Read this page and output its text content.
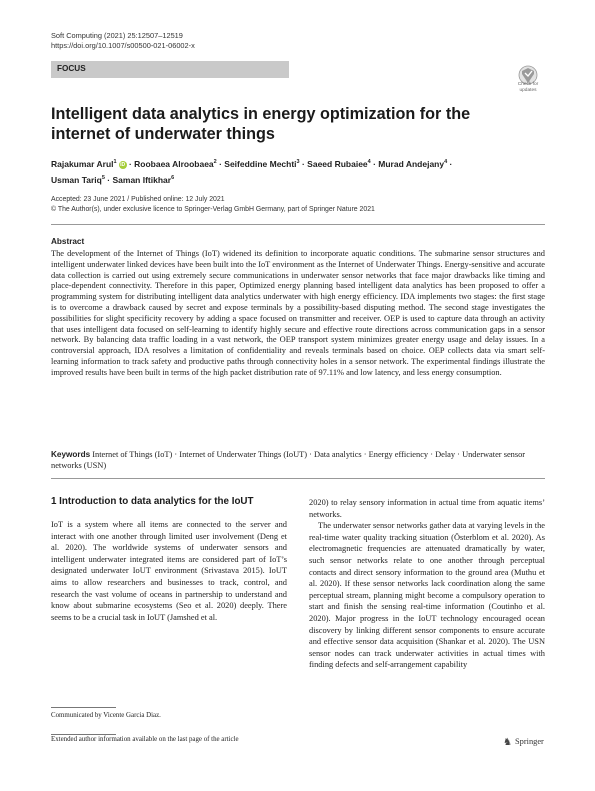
Soft Computing (2021) 25:12507–12519
https://doi.org/10.1007/s00500-021-06002-x
FOCUS
Check for
updates
Intelligent data analytics in energy optimization for the internet of underwater things
Rajakumar Arul$^1$ iD · Roobaea Alroobaea$^2$ · Seifeddine Mechti$^3$ · Saeed Rubaiee$^4$ · Murad Andejany$^4$ ·
Usman Tariq$^5$ · Saman Iftikhar$^6$
Accepted: 23 June 2021 / Published online: 12 July 2021
© The Author(s), under exclusive licence to Springer-Verlag GmbH Germany, part of Springer Nature 2021
Abstract
The development of the Internet of Things (IoT) widened its definition to incorporate aquatic conditions. The submarine sensor structures and intelligent underwater linked devices have been built into the IoT environment as the Internet of Underwater Things. Energy-sensitive and accurate data collection is carried out using extremely secure communications in underwater sensor networks that face major drawbacks like timing and place-dependent connectivity. Therefore in this paper, Optimized energy planning based intelligent data analytics has been proposed to offer a programming system for distributing intelligent data analytics underwater with high energy efficiency. IDA implements two stages: the first stage is to overcome a drawback caused by secret and expose terminals by a possibility-based disputing method. The second stage investigates the possibilities for slight specificity recovery by adding a space focused on transmitter and receiver. OEP is used to capture data through an activity that uses intelligent data focused on self-learning to identify highly secure and effective route directions across communication gaps in a sensor network. By balancing data traffic loading in a vast network, the OEP transport system minimizes greater energy usage and delay issues. In a controversial approach, IDA resolves a limitation of confidentiality and reveals terminals based on choice. OEP collects data via smart self-learning information to track safety and productive paths through connectivity holes in a sensor network. The experimental findings illustrate the improved results have been built in terms of the high packet distribution rate of 97.11% and low latency, and less energy consumption.
Keywords Internet of Things (IoT) · Internet of Underwater Things (IoUT) · Data analytics · Energy efficiency · Delay · Underwater sensor networks (USN)
1 Introduction to data analytics for the IoUT
IoT is a system where all items are connected to the server and interact with one another through limited user involvement (Deng et al. 2020). The worldwide systems of underwater sensors and intelligent underwater integrated items are considered part of IoT’s designated underwater IoUT environment (Srivastava 2015). IoUT aims to allow researchers and businesses to track, control, and research the vast volume of oceans in partnership to understand and know about submarine ecosystems (Seo et al. 2020) deeply. There seems to be a crucial task in IoUT (Jamshed et al.
2020) to relay sensory information in actual time from aquatic items’ networks.
The underwater sensor networks gather data at varying levels in the real-time water quality tracking situation (Österblom et al. 2020). As electromagnetic frequencies are attenuated dramatically by water, such sensor networks relate to one another through perceptual contacts and direct sensory information to the ground area (Muthu et al. 2020). If these sensor networks lack coordination along the same perceptual stream, planning might become a compulsory operation to start and finish the sensing real-time information (Coutinho et al. 2020). Major progress in the IoUT technology encouraged ocean discovery by linking different sensor components to ensure accurate and effective sensor data acquisition (Shankar et al. 2020). The USN sensor nodes can track underwater activities in actual times with finding defects and self-arrangement capability
Communicated by Vicente Garcia Diaz.
Extended author information available on the last page of the article	♞ Springer
